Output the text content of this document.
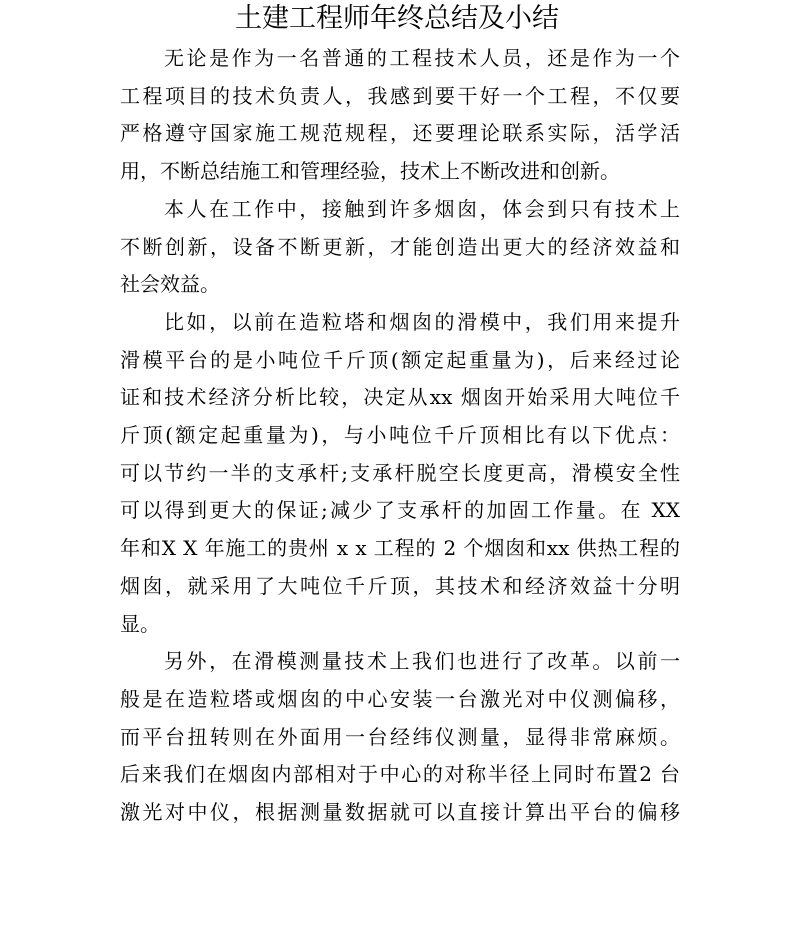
土建工程师年终总结及小结
无论是作为一名普通的工程技术人员，还是作为一个
工程项目的技术负责人，我感到要干好一个工程，不仅要
严格遵守国家施工规范规程，还要理论联系实际，活学活
用，不断总结施工和管理经验，技术上不断改进和创新。
本人在工作中，接触到许多烟囱，体会到只有技术上
不断创新，设备不断更新，才能创造出更大的经济效益和
社会效益。
比如，以前在造粒塔和烟囱的滑模中，我们用来提升
滑模平台的是小吨位千斤顶(额定起重量为)，后来经过论
证和技术经济分析比较，决定从xx 烟囱开始采用大吨位千
斤顶(额定起重量为)，与小吨位千斤顶相比有以下优点：
可以节约一半的支承杆;支承杆脱空长度更高，滑模安全性
可以得到更大的保证;减少了支承杆的加固工作量。在 XX
年和X X 年施工的贵州 x x 工程的 2 个烟囱和xx 供热工程的
烟囱，就采用了大吨位千斤顶，其技术和经济效益十分明
显。
另外，在滑模测量技术上我们也进行了改革。以前一
般是在造粒塔或烟囱的中心安装一台激光对中仪测偏移，
而平台扭转则在外面用一台经纬仪测量，显得非常麻烦。
后来我们在烟囱内部相对于中心的对称半径上同时布置2 台
激光对中仪，根据测量数据就可以直接计算出平台的偏移
